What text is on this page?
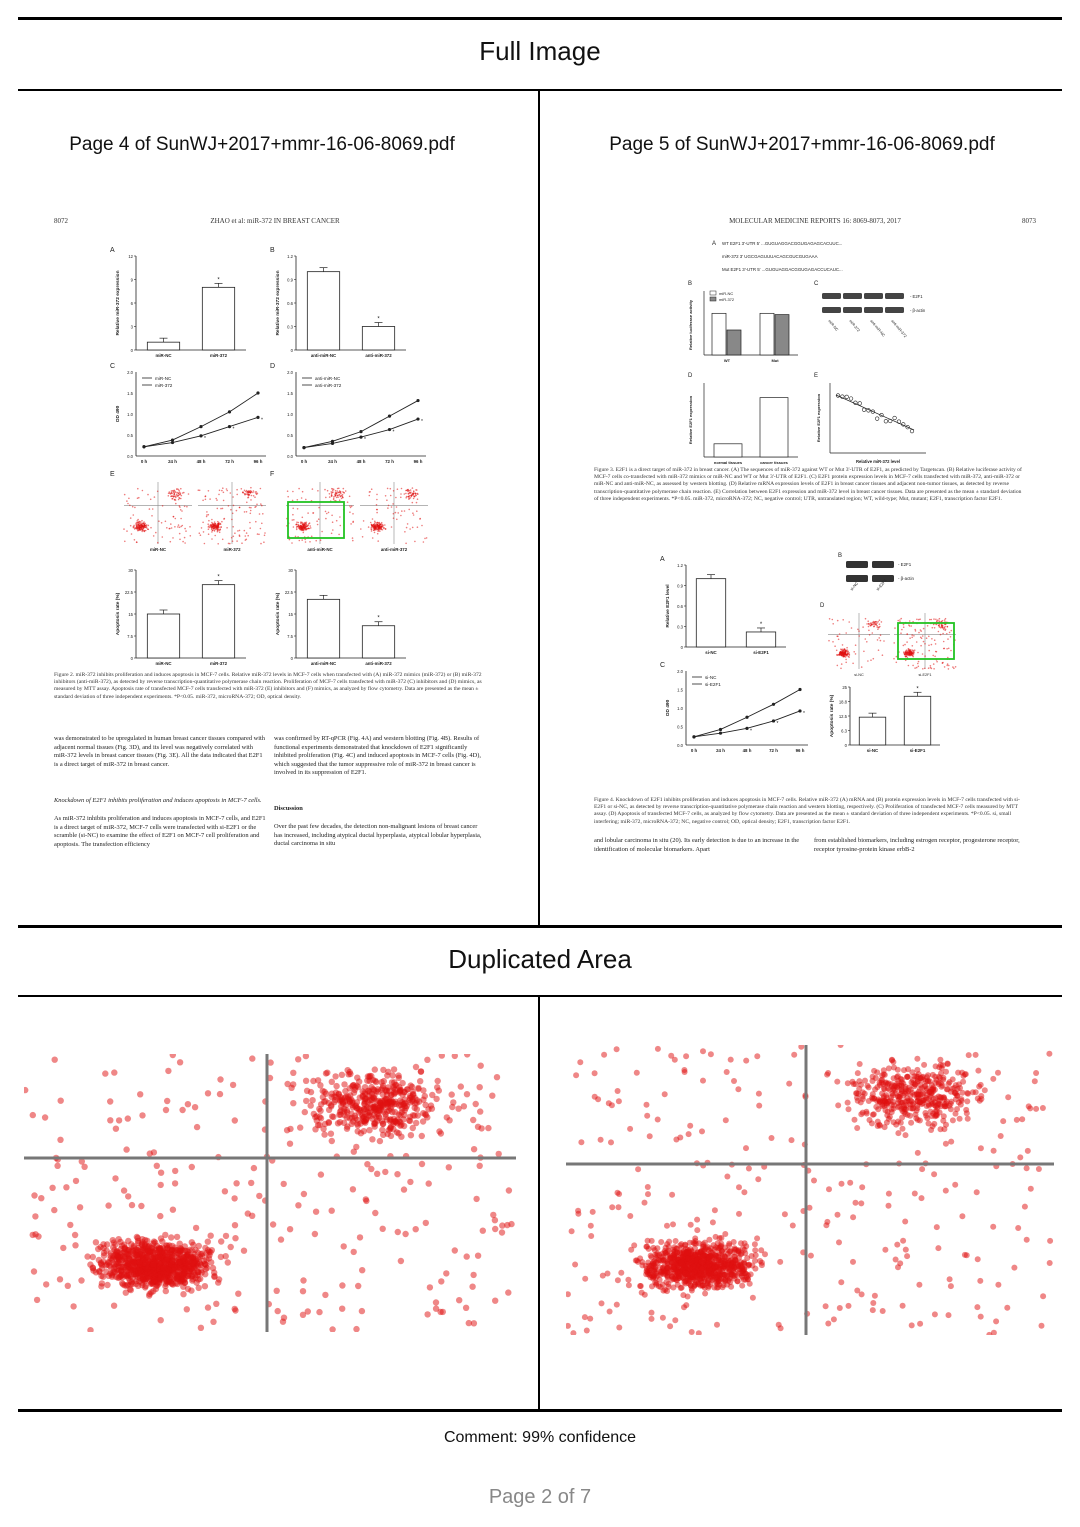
Full Image
Duplicated Area
Page 4 of SunWJ+2017+mmr-16-06-8069.pdf	Page 5 of SunWJ+2017+mmr-16-06-8069.pdf
8072	ZHAO et al: miR-372 IN BREAST CANCER
A
0
3
6
9
12
Relative miR-372 expression
miR-NC
*
miR-372
B
0
0.3
0.6
0.9
1.2
Relative miR-372 expression
anti-miR-NC
*
anti-miR-372
C
0.0
0.5
1.0
1.5
2.0
OD 490
0 h	24 h	48 h	72 h	96 h
*
*
*
miR-NC
miR-372
D
0.0
0.5
1.0
1.5
2.0
0 h	24 h	48 h	72 h	96 h
*
*
*
anti-miR-NC
anti-miR-372
E
miR-NC	miR-372
F
anti-miR-NC	anti-miR-372
0
7.5
15
22.5
30
Apoptosis rate (%)
miR-NC
*
miR-372
0
7.5
15
22.5
30
Apoptosis rate (%)
anti-miR-NC
*
anti-miR-372
Figure 2. miR-372 inhibits proliferation and induces apoptosis in MCF-7 cells. Relative miR-372 levels in MCF-7 cells when transfected with (A) miR-372 mimics (miR-372) or (B) miR-372 inhibitors (anti-miR-372), as detected by reverse transcription-quantitative polymerase chain reaction. Proliferation of MCF-7 cells transfected with miR-372 (C) inhibitors and (D) mimics, as measured by MTT assay. Apoptosis rate of transfected MCF-7 cells transfected with miR-372 (E) inhibitors and (F) mimics, as analyzed by flow cytometry. Data are presented as the mean ± standard deviation of three independent experiments. *P<0.05. miR-372, microRNA-372; OD, optical density.
was demonstrated to be upregulated in human breast cancer tissues compared with adjacent normal tissues (Fig. 3D), and its level was negatively correlated with miR-372 levels in breast cancer tissues (Fig. 3E). All the data indicated that E2F1 is a direct target of miR-372 in breast cancer.
Knockdown of E2F1 inhibits proliferation and induces apoptosis in MCF-7 cells.
As miR-372 inhibits proliferation and induces apoptosis in MCF-7 cells, and E2F1 is a direct target of miR-372, MCF-7 cells were transfected with si-E2F1 or the scramble (si-NC) to examine the effect of E2F1 on MCF-7 cell proliferation and apoptosis. The transfection efficiency
was confirmed by RT-qPCR (Fig. 4A) and western blotting (Fig. 4B). Results of functional experiments demonstrated that knockdown of E2F1 significantly inhibited proliferation (Fig. 4C) and induced apoptosis in MCF-7 cells (Fig. 4D), which suggested that the tumor suppressive role of miR-372 in breast cancer is involved in its suppression of E2F1.
Discussion
Over the past few decades, the detection non-malignant lesions of breast cancer has increased, including atypical ductal hyperplasia, atypical lobular hyperplasia, ductal carcinoma in situ
MOLECULAR MEDICINE REPORTS 16: 8069-8073, 2017	8073
A WT E2F1 3'-UTR 5' ...GUGUAGGACGGUGAGAGCACUUC...
miR-372 3' UGCGAGUUUACAGCGUCGUGAAA
Mut E2F1 3'-UTR 5' ...GUGUAGGACGGUGAGACCUCAUC...
B
Relative luciferase activity
WT	Mut
miR-NC
miR-372
C
- E2F1
- β-actin
miR-NC miR-372 anti-miR-NC anti-miR-372
D
Relative E2F1 expression
normal tissues	cancer tissues
E
Relative E2F1 expression
Relative miR-372 level
A
0
0.3
0.6
0.9
1.2
Relative E2F1 level
si-NC
*
si-E2F1
B
- E2F1
- β-actin
si-NC	si-E2F1
C
0.0
0.5
1.0
1.5
2.0
OD 490
0 h	24 h	48 h	72 h	96 h
*
*
*
si-NC
si-E2F1
D
si-NC	si-E2F1
0
6.3
12.5
18.8
25
Apoptosis rate (%)
si-NC
*
si-E2F1
Figure 3. E2F1 is a direct target of miR-372 in breast cancer. (A) The sequences of miR-372 against WT or Mut 3'-UTR of E2F1, as predicted by Targetscan. (B) Relative luciferase activity of MCF-7 cells co-transfected with miR-372 mimics or miR-NC and WT or Mut 3'-UTR of E2F1. (C) E2F1 protein expression levels in MCF-7 cells transfected with miR-372, anti-miR-372 or miR-NC and anti-miR-NC, as assessed by western blotting. (D) Relative mRNA expression levels of E2F1 in breast cancer tissues and adjacent non-tumor tissues, as detected by reverse transcription-quantitative polymerase chain reaction. (E) Correlation between E2F1 expression and miR-372 level in breast cancer tissues. Data are presented as the mean ± standard deviation of three independent experiments. *P<0.05. miR-372, microRNA-372; NC, negative control; UTR, untranslated region; WT, wild-type; Mut, mutant; E2F1, transcription factor E2F1.
Figure 4. Knockdown of E2F1 inhibits proliferation and induces apoptosis in MCF-7 cells. Relative miR-372 (A) mRNA and (B) protein expression levels in MCF-7 cells transfected with si-E2F1 or si-NC, as detected by reverse transcription-quantitative polymerase chain reaction and western blotting, respectively. (C) Proliferation of transfected MCF-7 cells measured by MTT assay. (D) Apoptosis of transfected MCF-7 cells, as analyzed by flow cytometry. Data are presented as the mean ± standard deviation of three independent experiments. *P<0.05. si, small interfering; miR-372, microRNA-372; NC, negative control; OD, optical density; E2F1, transcription factor E2F1.
and lobular carcinoma in situ (20). Its early detection is due to an increase in the identification of molecular biomarkers. Apart
from established biomarkers, including estrogen receptor, progesterone receptor, receptor tyrosine-protein kinase erbB-2
Comment: 99% confidence
Page 2 of 7
